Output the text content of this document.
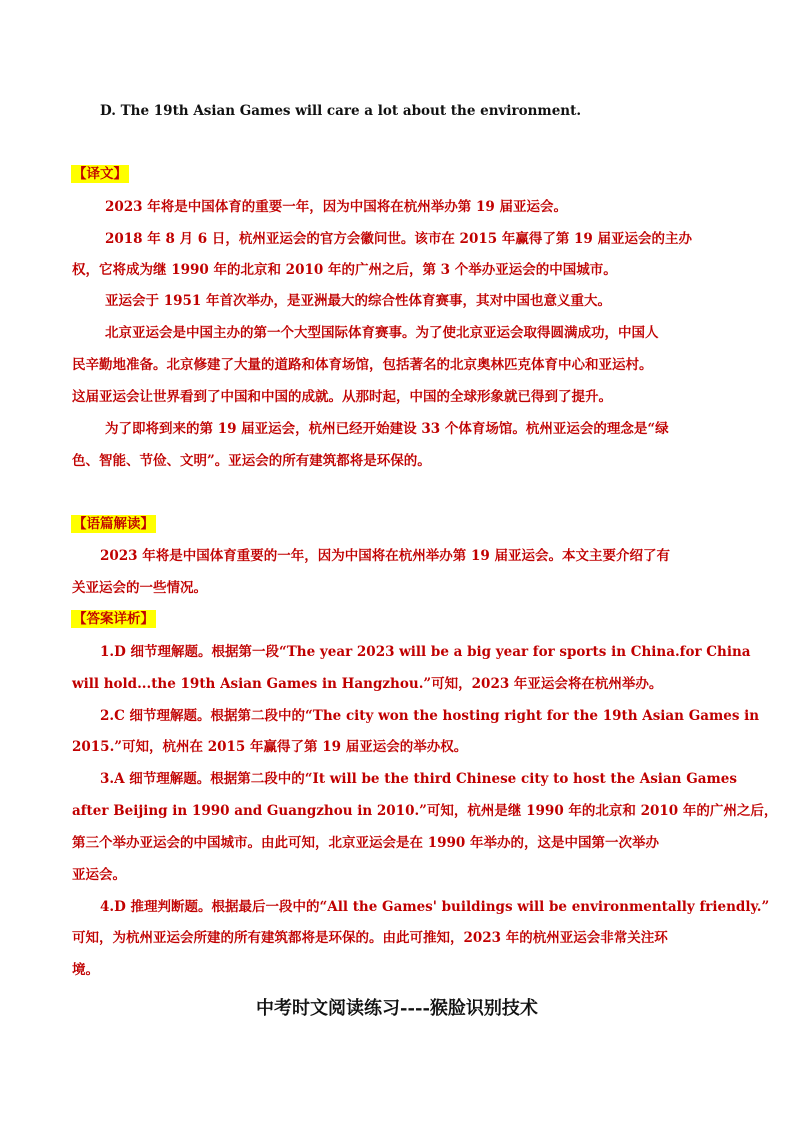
D. The 19th Asian Games will care a lot about the environment.
【译文】
2023 年将是中国体育的重要一年，因为中国将在杭州举办第 19 届亚运会。
2018 年 8 月 6 日，杭州亚运会的官方会徽问世。该市在 2015 年赢得了第 19 届亚运会的主办
权，它将成为继 1990 年的北京和 2010 年的广州之后，第 3 个举办亚运会的中国城市。
亚运会于 1951 年首次举办，是亚洲最大的综合性体育赛事，其对中国也意义重大。
北京亚运会是中国主办的第一个大型国际体育赛事。为了使北京亚运会取得圆满成功，中国人
民辛勤地准备。北京修建了大量的道路和体育场馆，包括著名的北京奥林匹克体育中心和亚运村。
这届亚运会让世界看到了中国和中国的成就。从那时起，中国的全球形象就已得到了提升。
为了即将到来的第 19 届亚运会，杭州已经开始建设 33 个体育场馆。杭州亚运会的理念是“绿
色、智能、节俭、文明”。亚运会的所有建筑都将是环保的。
【语篇解读】
2023 年将是中国体育重要的一年，因为中国将在杭州举办第 19 届亚运会。本文主要介绍了有
关亚运会的一些情况。
【答案详析】
1.D 细节理解题。根据第一段“The year 2023 will be a big year for sports in China.for China
will hold...the 19th Asian Games in Hangzhou.”可知，2023 年亚运会将在杭州举办。
2.C 细节理解题。根据第二段中的“The city won the hosting right for the 19th Asian Games in
2015.”可知，杭州在 2015 年赢得了第 19 届亚运会的举办权。
3.A 细节理解题。根据第二段中的“It will be the third Chinese city to host the Asian Games
after Beijing in 1990 and Guangzhou in 2010.”可知，杭州是继 1990 年的北京和 2010 年的广州之后，
第三个举办亚运会的中国城市。由此可知，北京亚运会是在 1990 年举办的，这是中国第一次举办
亚运会。
4.D 推理判断题。根据最后一段中的“All the Games' buildings will be environmentally friendly.”
可知，为杭州亚运会所建的所有建筑都将是环保的。由此可推知，2023 年的杭州亚运会非常关注环
境。
中考时文阅读练习----猴脸识别技术
